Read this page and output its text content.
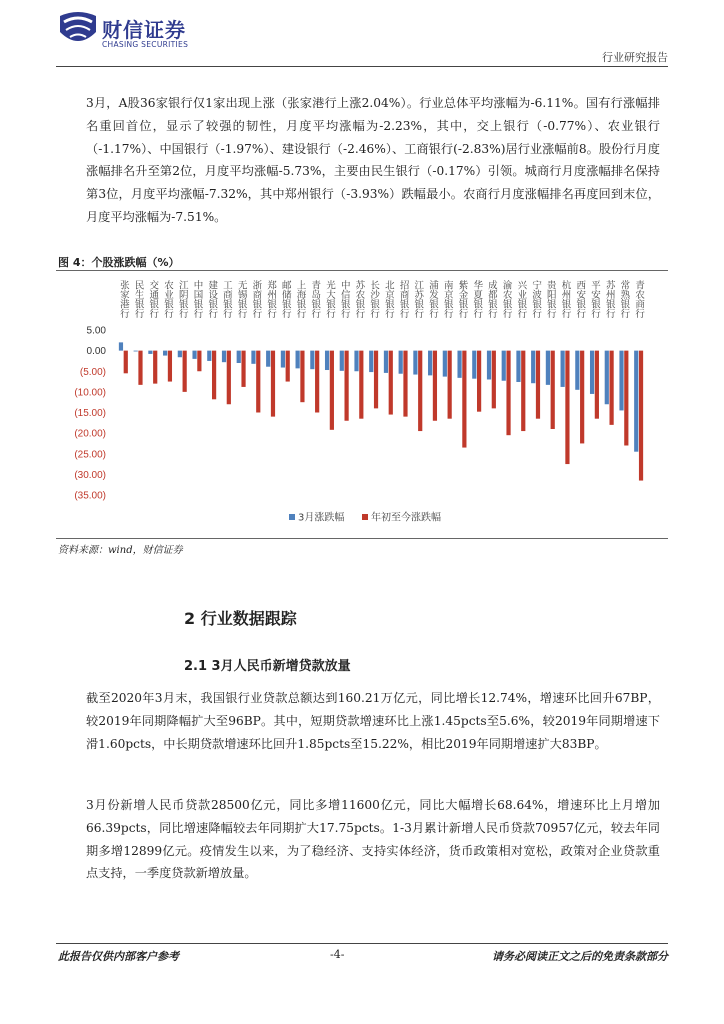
财信证券
CHASING SECURITIES
行业研究报告
3月，A股36家银行仅1家出现上涨（张家港行上涨2.04%）。行业总体平均涨幅为-6.11%。国有行涨幅排名重回首位，显示了较强的韧性，月度平均涨幅为-2.23%，其中，交上银行（-0.77%）、农业银行（-1.17%）、中国银行（-1.97%）、建设银行（-2.46%）、工商银行(-2.83%)居行业涨幅前8。股份行月度涨幅排名升至第2位，月度平均涨幅-5.73%，主要由民生银行（-0.17%）引领。城商行月度涨幅排名保持第3位，月度平均涨幅-7.32%，其中郑州银行（-3.93%）跌幅最小。农商行月度涨幅排名再度回到末位，月度平均涨幅为-7.51%。
图 4：个股涨跌幅（%）
5.00
0.00
(5.00)
(10.00)
(15.00)
(20.00)
(25.00)
(30.00)
(35.00)
张家港行 民生银行 交通银行 农业银行 江阴银行 中国银行 建设银行 工商银行 无锡银行 浙商银行 郑州银行 邮储银行 上海银行 青岛银行 光大银行 中信银行 苏农银行 长沙银行 北京银行 招商银行 江苏银行 浦发银行 南京银行 紫金银行 华夏银行 成都银行 渝农银行 兴业银行 宁波银行 贵阳银行 杭州银行 西安银行 平安银行 苏州银行 常熟银行 青农商行
3月涨跌幅	年初至今涨跌幅
资料来源：wind，财信证券
2 行业数据跟踪
2.1 3月人民币新增贷款放量
截至2020年3月末，我国银行业贷款总额达到160.21万亿元，同比增长12.74%，增速环比回升67BP，较2019年同期降幅扩大至96BP。其中，短期贷款增速环比上涨1.45pcts至5.6%，较2019年同期增速下滑1.60pcts，中长期贷款增速环比回升1.85pcts至15.22%，相比2019年同期增速扩大83BP。
3月份新增人民币贷款28500亿元，同比多增11600亿元，同比大幅增长68.64%，增速环比上月增加66.39pcts，同比增速降幅较去年同期扩大17.75pcts。1-3月累计新增人民币贷款70957亿元，较去年同期多增12899亿元。疫情发生以来，为了稳经济、支持实体经济，货币政策相对宽松，政策对企业贷款重点支持，一季度贷款新增放量。
此报告仅供内部客户参考	-4-	请务必阅读正文之后的免责条款部分
